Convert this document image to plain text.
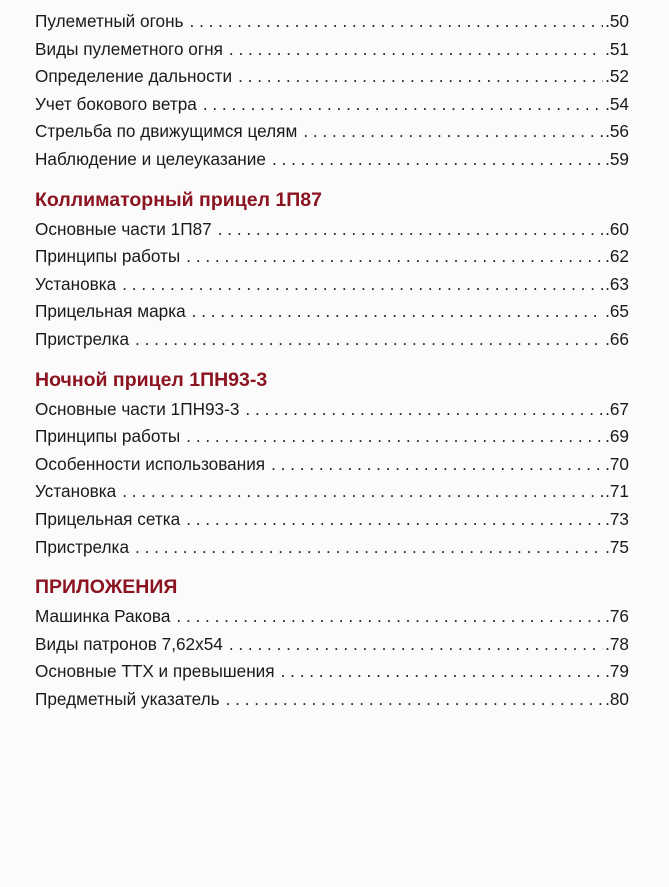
Пулеметный огонь . . .	.50
Виды пулеметного огня . . .	.51
Определение дальности . . .	.52
Учет бокового ветра . . .	.54
Стрельба по движущимся целям . . .	.56
Наблюдение и целеуказание . . .	.59
Коллиматорный прицел 1П87
Основные части 1П87 . . .	.60
Принципы работы . . .	.62
Установка . . .	.63
Прицельная марка . . .	.65
Пристрелка . . .	.66
Ночной прицел 1ПН93-3
Основные части 1ПН93-3 . . .	.67
Принципы работы . . .	.69
Особенности использования . . .	.70
Установка . . .	.71
Прицельная сетка . . .	.73
Пристрелка . . .	.75
ПРИЛОЖЕНИЯ
Машинка Ракова . . .	.76
Виды патронов 7,62х54 . . .	.78
Основные ТТХ и превышения . . .	.79
Предметный указатель . . .	.80
